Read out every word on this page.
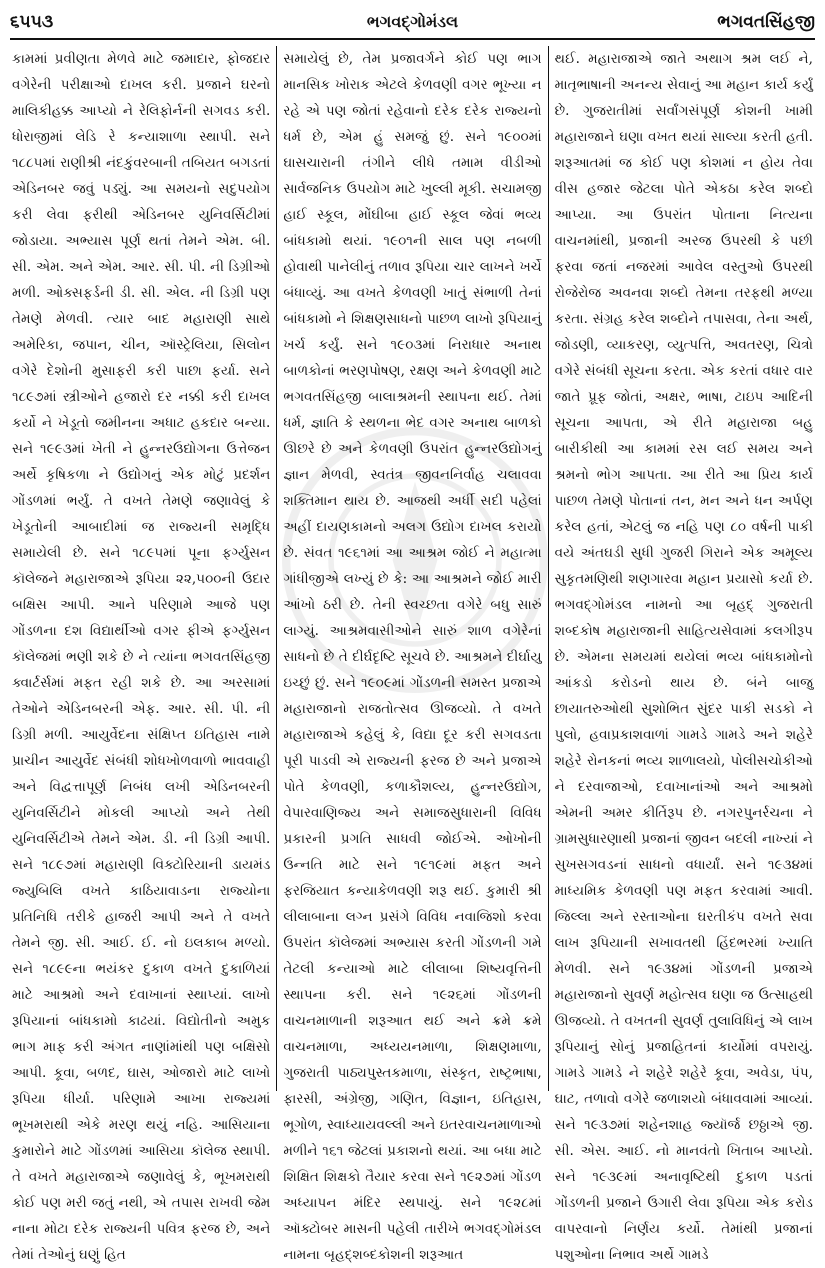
૬૫૫૩	ભગવદ્ગોમંડલ	ભગવતસિંહજી

કામમાં પ્રવીણતા મેળવે માટે જમાદાર, ફોજદાર વગેરેની પરીક્ષાઓ દાખલ કરી. પ્રજાને ઘરનો માલિકીહક્ક આપ્યો ને રેલિફોર્નની સગવડ કરી. ધોરાજીમાં લેડિ રે કન્યાશાળા સ્થાપી. સને ૧૮૮૫માં રાણીશ્રી નંદકુંવરબાની તબિયત બગડતાં એડિનબર જવું પડ્યું. આ સમયનો સદુપયોગ કરી લેવા ફરીથી એડિનબર યુનિવર્સિટીમાં જોડાયા. અભ્યાસ પૂર્ણ થતાં તેમને એમ. બી. સી. એમ. અને એમ. આર. સી. પી. ની ડિગ્રીઓ મળી. ઓક્સફર્ડની ડી. સી. એલ. ની ડિગ્રી પણ તેમણે મેળવી. ત્યાર બાદ મહારાણી સાથે અમેરિકા, જપાન, ચીન, ઑસ્ટ્રેલિયા, સિલોન વગેરે દેશોની મુસાફરી કરી પાછા ફર્યા. સને ૧૮૯૭માં સ્ત્રીઓને હજારો દર નક્કી કરી દાખલ કર્યો ને ખેડૂતો જમીનના અધાટ હકદાર બન્યા. સને ૧૯૯૩માં ખેતી ને હુન્નરઉદ્યોગના ઉત્તેજન અર્થે કૃષિકળા ને ઉદ્યોગનું એક મોટું પ્રદર્શન ગોંડળમાં ભર્યું. તે વખતે તેમણે જણાવેલું કે ખેડૂતોની આબાદીમાં જ રાજ્યની સમૃદ્ધિ સમાયેલી છે. સને ૧૮૯૫માં પૂના ફર્ગ્યુસન કૉલેજને મહારાજાએ રૂપિયા ૨૨,૫૦૦ની ઉદાર બક્ષિસ આપી. આને પરિણામે આજે પણ ગોંડળના દશ વિદ્યાર્થીઓ વગર ફીએ ફર્ગ્યુસન કૉલેજમાં ભણી શકે છે ને ત્યાંના ભગવતસિંહજી ક્વાર્ટર્સમાં મફત રહી શકે છે. આ અરસામાં તેઓને એડિનબરની એફ. આર. સી. પી. ની ડિગ્રી મળી. આયુર્વેદના સંક્ષિપ્ત ઇતિહાસ નામે પ્રાચીન આયુર્વેદ સંબંધી શોધખોળવાળો ભાવવાહી અને વિદ્વત્તાપૂર્ણ નિબંધ લખી એડિનબરની યુનિવર્સિટીને મોકલી આપ્યો અને તેથી યુનિવર્સિટીએ તેમને એમ. ડી. ની ડિગ્રી આપી. સને ૧૮૯૭માં મહારાણી વિક્ટોરિયાની ડાયમંડ જ્યુબિલિ વખતે કાઠિયાવાડના રાજ્યોના પ્રતિનિધિ તરીકે હાજરી આપી અને તે વખતે તેમને જી. સી. આઈ. ઈ. નો ઇલકાબ મળ્યો. સને ૧૮૯૯ના ભયંકર દુકાળ વખતે દુકાળિયાં માટે આશ્રમો અને દવાખાનાં સ્થાપ્યાં. લાખો રૂપિયાનાં બાંધકામો કાઢયાં. વિદ્યોતીનો અમુક ભાગ માફ કરી અંગત નાણાંમાંથી પણ બક્ષિસો આપી. કૂવા, બળદ, ઘાસ, ઓજારો માટે લાખો રૂપિયા ધીર્યા. પરિણામે આખા રાજ્યમાં ભૂખમરાથી એકે મરણ થયું નહિ. આસિયાના કુમારોને માટે ગોંડળમાં આસિયા કૉલેજ સ્થાપી. તે વખતે મહારાજાએ જણાવેલું કે, ભૂખમરાથી કોઈ પણ મરી જતું નથી, એ તપાસ રાખવી જેમ નાના મોટા દરેક રાજ્યની પવિત્ર ફરજ છે, અને તેમાં તેઓનું ઘણું હિત

સમાયેલું છે, તેમ પ્રજાવર્ગને કોઈ પણ ભાગ માનસિક ખોરાક એટલે કેળવણી વગર ભૂખ્યા ન રહે એ પણ જોતાં રહેવાનો દરેક દરેક રાજ્યનો ધર્મ છે, એમ હું સમજું છું. સને ૧૯૦૦માં ઘાસચારાની તંગીને લીધે તમામ વીડીઓ સાર્વજનિક ઉપયોગ માટે ખુલ્લી મૂકી. સચામજી હાઈ સ્કૂલ, મોંઘીબા હાઈ સ્કૂલ જેવાં ભવ્ય બાંધકામો થયાં. ૧૯૦૧ની સાલ પણ નબળી હોવાથી પાનેલીનું તળાવ રૂપિયા ચાર લાખને ખર્ચે બંધાવ્યું. આ વખતે કેળવણી ખાતું સંભાળી તેનાં બાંધકામો ને શિક્ષણસાધનો પાછળ લાખો રૂપિયાનું ખર્ચ કર્યું. સને ૧૯૦૩માં નિરાધાર અનાથ બાળકોનાં ભરણપોષણ, રક્ષણ અને કેળવણી માટે ભગવતસિંહજી બાલાશ્રમની સ્થાપના થઈ. તેમાં ધર્મ, જ્ઞાતિ કે સ્થળના ભેદ વગર અનાથ બાળકો ઊછરે છે અને કેળવણી ઉપરાંત હુન્નરઉદ્યોગનું જ્ઞાન મેળવી, સ્વતંત્ર જીવનનિર્વાહ ચલાવવા શક્તિમાન થાય છે. આજથી અર્ધી સદી પહેલાં અહીં દાયણકામનો અલગ ઉદ્યોગ દાખલ કરાયો છે. સંવત ૧૯૬૧માં આ આશ્રમ જોઈ ને મહાત્મા ગાંધીજીએ લખ્યું છે કે: આ આશ્રમને જોઈ મારી આંખો ઠરી છે. તેની સ્વચ્છતા વગેરે બધુ સારું લાગ્યું. આશ્રમવાસીઓને સારું શાળ વગેરેનાં સાધનો છે તે દીર્ઘદૃષ્ટિ સૂચવે છે. આશ્રમને દીર્ઘાયુ ઇચ્છું છું. સને ૧૯૦૯માં ગોંડળની સમસ્ત પ્રજાએ મહારાજાનો રાજતોત્સવ ઊજવ્યો. તે વખતે મહારાજાએ કહેલું કે, વિદ્યા દૂર કરી સગવડતા પૂરી પાડવી એ રાજ્યની ફરજ છે અને પ્રજાએ પોતે કેળવણી, કળાકૌશલ્ય, હુન્નરઉદ્યોગ, વેપારવાણિજ્ય અને સમાજસુધારાની વિવિધ પ્રકારની પ્રગતિ સાધવી જોઈએ. ઓખોની ઉન્નતિ માટે સને ૧૯૧૯માં મફત અને ફરજિયાત કન્યાકેળવણી શરૂ થઈ. કુમારી શ્રી લીલાબાના લગ્ન પ્રસંગે વિવિધ નવાજિશો કરવા ઉપરાંત કૉલેજમાં અભ્યાસ કરતી ગોંડળની ગમે તેટલી કન્યાઓ માટે લીલાબા શિષ્યવૃત્તિની સ્થાપના કરી. સને ૧૯૨૬માં ગોંડળની વાચનમાળાની શરૂઆત થઈ અને ક્રમે ક્રમે વાચનમાળા, અધ્યયનમાળા, શિક્ષણમાળા, ગુજરાતી પાઠ્યપુસ્તકમાળા, સંસ્કૃત, રાષ્ટ્રભાષા, ફારસી, અંગ્રેજી, ગણિત, વિજ્ઞાન, ઇતિહાસ, ભૂગોળ, સ્વાધ્યાયવલ્લી અને ઇતરવાચનમાળાઓ મળીને ૧૬૧ જેટલાં પ્રકાશનો થયાં. આ બધા માટે શિક્ષિત શિક્ષકો તૈયાર કરવા સને ૧૯૨૭માં ગોંડળ અધ્યાપન મંદિર સ્થપાયું. સને ૧૯૨૮માં ઑક્ટોબર માસની પહેલી તારીખે ભગવદ્ગોમંડલ નામના બૃહદ્શબ્દકોશની શરૂઆત

થઈ. મહારાજાએ જાતે અથાગ શ્રમ લઈ ને, માતૃભાષાની અનન્ય સેવાનું આ મહાન કાર્ય કર્યું છે. ગુજરાતીમાં સર્વાંગસંપૂર્ણ કોશની ખામી મહારાજાને ઘણા વખત થયાં સાલ્યા કરતી હતી. શરૂઆતમાં જ કોઈ પણ કોશમાં ન હોય તેવા વીસ હજાર જેટલા પોતે એકઠા કરેલ શબ્દો આપ્યા. આ ઉપરાંત પોતાના નિત્યના વાચનમાંથી, પ્રજાની અરજ ઉપરથી કે પછી ફરવા જતાં નજરમાં આવેલ વસ્તુઓ ઉપરથી રોજેરોજ અવનવા શબ્દો તેમના તરફથી મળ્યા કરતા. સંગ્રહ કરેલ શબ્દોને તપાસવા, તેના અર્થ, જોડણી, વ્યાકરણ, વ્યુત્પત્તિ, અવતરણ, ચિત્રો વગેરે સંબંધી સૂચના કરતા. એક કરતાં વધાર વાર જાતે પ્રૂફ જોતાં, અક્ષર, ભાષા, ટાઇપ આદિની સૂચના આપતા, એ રીતે મહારાજા બહુ બારીકીથી આ કામમાં રસ લઈ સમય અને શ્રમનો ભોગ આપતા. આ રીતે આ પ્રિય કાર્ય પાછળ તેમણે પોતાનાં તન, મન અને ધન અર્પણ કરેલ હતાં, એટલું જ નહિ પણ ૮૦ વર્ષની પાકી વયે અંતઘડી સુધી ગુજરી ગિરાને એક અમૂલ્ય સુકૃતમણિથી શણગારવા મહાન પ્રયાસો કર્યા છે. ભગવદ્ગોમંડલ નામનો આ બૃહદ્ ગુજરાતી શબ્દકોષ મહારાજાની સાહિત્યસેવામાં કલગીરૂપ છે. એમના સમયમાં થયેલાં ભવ્ય બાંધકામોનો આંકડો કરોડનો થાય છે. બંને બાજુ છાયાતરુઓથી સુશોભિત સુંદર પાકી સડકો ને પુલો, હવાપ્રકાશવાળાં ગામડે ગામડે અને શહેરે શહેરે રોનકનાં ભવ્ય શાળાલયો, પોલીસચોકીઓ ને દરવાજાઓ, દવાખાનાંઓ અને આશ્રમો એમની અમર કીર્તિરૂપ છે. નગરપુનર્રચના ને ગ્રામસુધારણાથી પ્રજાનાં જીવન બદલી નાખ્યાં ને સુખસગવડનાં સાધનો વધાર્યાં. સને ૧૯૩૪માં માધ્યમિક કેળવણી પણ મફત કરવામાં આવી. જિલ્લા અને રસ્તાઓના ઘરતીકંપ વખતે સવા લાખ રૂપિયાની સખાવતથી હિંદભરમાં ખ્યાતિ મેળવી. સને ૧૯૩૪માં ગોંડળની પ્રજાએ મહારાજાનો સુવર્ણ મહોત્સવ ઘણા જ ઉત્સાહથી ઊજવ્યો. તે વખતની સુવર્ણ તુલાવિધિનું એ લાખ રૂપિયાનું સોનું પ્રજાહિતનાં કાર્યોમાં વપરાયું. ગામડે ગામડે ને શહેરે શહેરે કૂવા, અવેડા, પંપ, ઘાટ, તળાવો વગેરે જળાશયો બંધાવવામાં આવ્યાં. સને ૧૯૩૭માં શહેનશાહ જ્યૉર્જ છઠ્ઠાએ જી. સી. એસ. આઈ. નો માનવંતો ખિતાબ આપ્યો. સને ૧૯૩૯માં અનાવૃષ્ટિથી દુકાળ પડતાં ગોંડળની પ્રજાને ઉગારી લેવા રૂપિયા એક કરોડ વાપરવાનો નિર્ણય કર્યો. તેમાંથી પ્રજાનાં પશુઓના નિભાવ અર્થે ગામડે
